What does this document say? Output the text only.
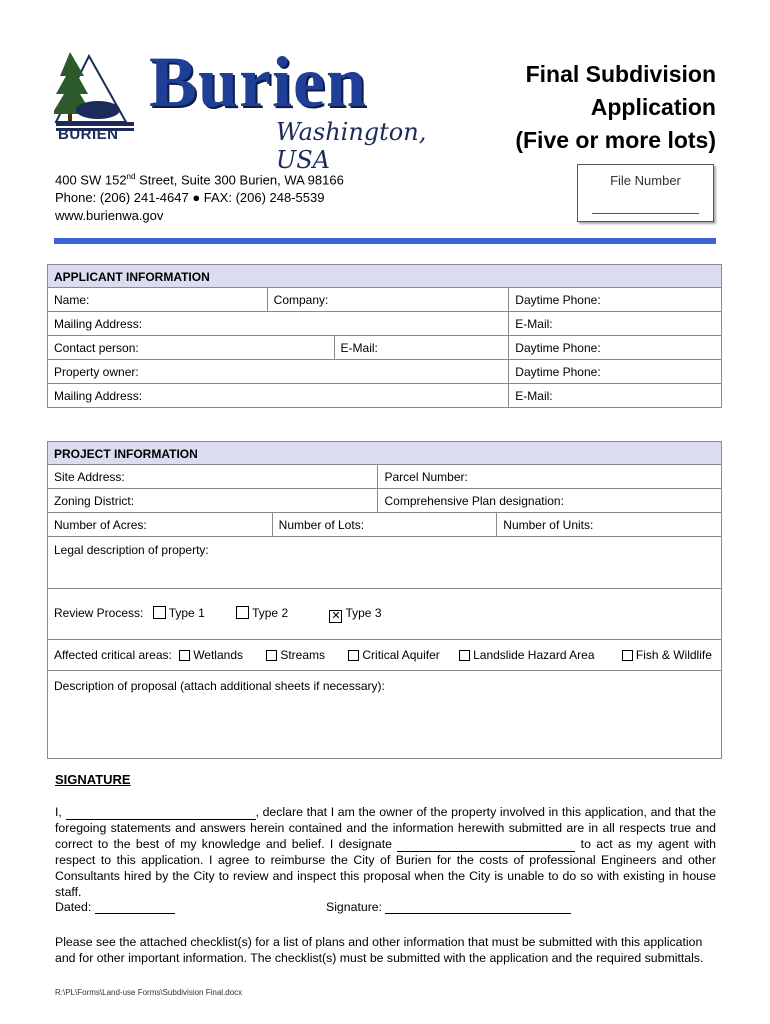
BURIEN
Burien
Washington, USA
Final Subdivision
Application
(Five or more lots)
400 SW 152nd Street, Suite 300 Burien, WA 98166
Phone: (206) 241-4647 ● FAX: (206) 248-5539
www.burienwa.gov
File Number
APPLICANT INFORMATION			
Name:	Company:		Daytime Phone:
Mailing Address:			E-Mail:
Contact person:		E-Mail:	Daytime Phone:
Property owner:			Daytime Phone:
Mailing Address:			E-Mail:
PROJECT INFORMATION			
Site Address:		Parcel Number:	
Zoning District:		Comprehensive Plan designation:	
Number of Acres:	Number of Lots:		Number of Units:
Legal description of property:			
Review Process: Type 1 Type 2 ✕ Type 3			
Affected critical areas: Wetlands Streams Critical Aquifer Landslide Hazard Area Fish & Wildlife			
Description of proposal (attach additional sheets if necessary):			
SIGNATURE
I,	, declare that I am the owner of the property involved in this application, and that the foregoing statements and answers herein contained and the information herewith submitted are in all respects true and correct to the best of my knowledge and belief. I designate	to act as my agent with respect to this application. I agree to reimburse the City of Burien for the costs of professional Engineers and other Consultants hired by the City to review and inspect this proposal when the City is unable to do so with existing in house staff.
Dated:	Signature:
Please see the attached checklist(s) for a list of plans and other information that must be submitted with this application and for other important information. The checklist(s) must be submitted with the application and the required submittals.
R:\PL\Forms\Land-use Forms\Subdivision Final.docx
